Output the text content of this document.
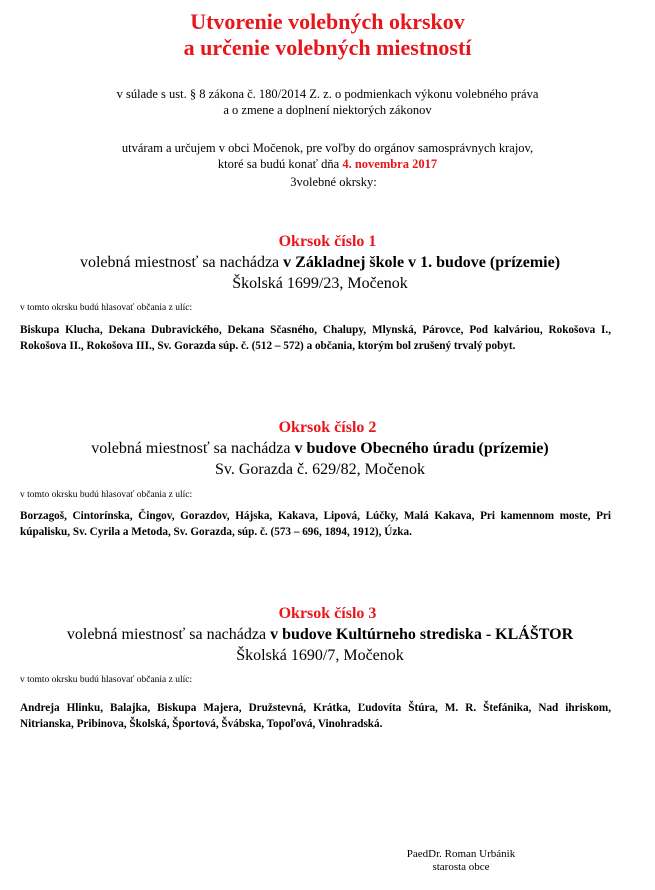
Utvorenie volebných okrskov
a určenie volebných miestností
v súlade s ust. § 8 zákona č. 180/2014 Z. z. o podmienkach výkonu volebného práva
a o zmene a doplnení niektorých zákonov
utváram a určujem v obci Močenok, pre voľby do orgánov samosprávnych krajov,
ktoré sa budú konať dňa 4. novembra 2017
3volebné okrsky:
Okrsok číslo 1
volebná miestnosť sa nachádza v Základnej škole v 1. budove (prízemie)
Školská 1699/23, Močenok
v tomto okrsku budú hlasovať občania z ulíc:
Biskupa Klucha, Dekana Dubravického, Dekana Sčasného, Chalupy, Mlynská, Párovce, Pod kalváriou, Rokošova I., Rokošova II., Rokošova III., Sv. Gorazda súp. č. (512 – 572) a občania, ktorým bol zrušený trvalý pobyt.
Okrsok číslo 2
volebná miestnosť sa nachádza v budove Obecného úradu (prízemie)
Sv. Gorazda č. 629/82, Močenok
v tomto okrsku budú hlasovať občania z ulíc:
Borzagoš, Cintorínska, Čingov, Gorazdov, Hájska, Kakava, Lipová, Lúčky, Malá Kakava, Pri kamennom moste, Pri kúpalisku, Sv. Cyrila a Metoda, Sv. Gorazda, súp. č. (573 – 696, 1894, 1912), Úzka.
Okrsok číslo 3
volebná miestnosť sa nachádza v budove Kultúrneho strediska - KLÁŠTOR
Školská 1690/7, Močenok
v tomto okrsku budú hlasovať občania z ulíc:
Andreja Hlinku, Balajka, Biskupa Majera, Družstevná, Krátka, Ľudovíta Štúra, M. R. Štefánika, Nad ihriskom, Nitrianska, Pribinova, Školská, Športová, Švábska, Topoľová, Vinohradská.
PaedDr. Roman Urbánik
starosta obce
